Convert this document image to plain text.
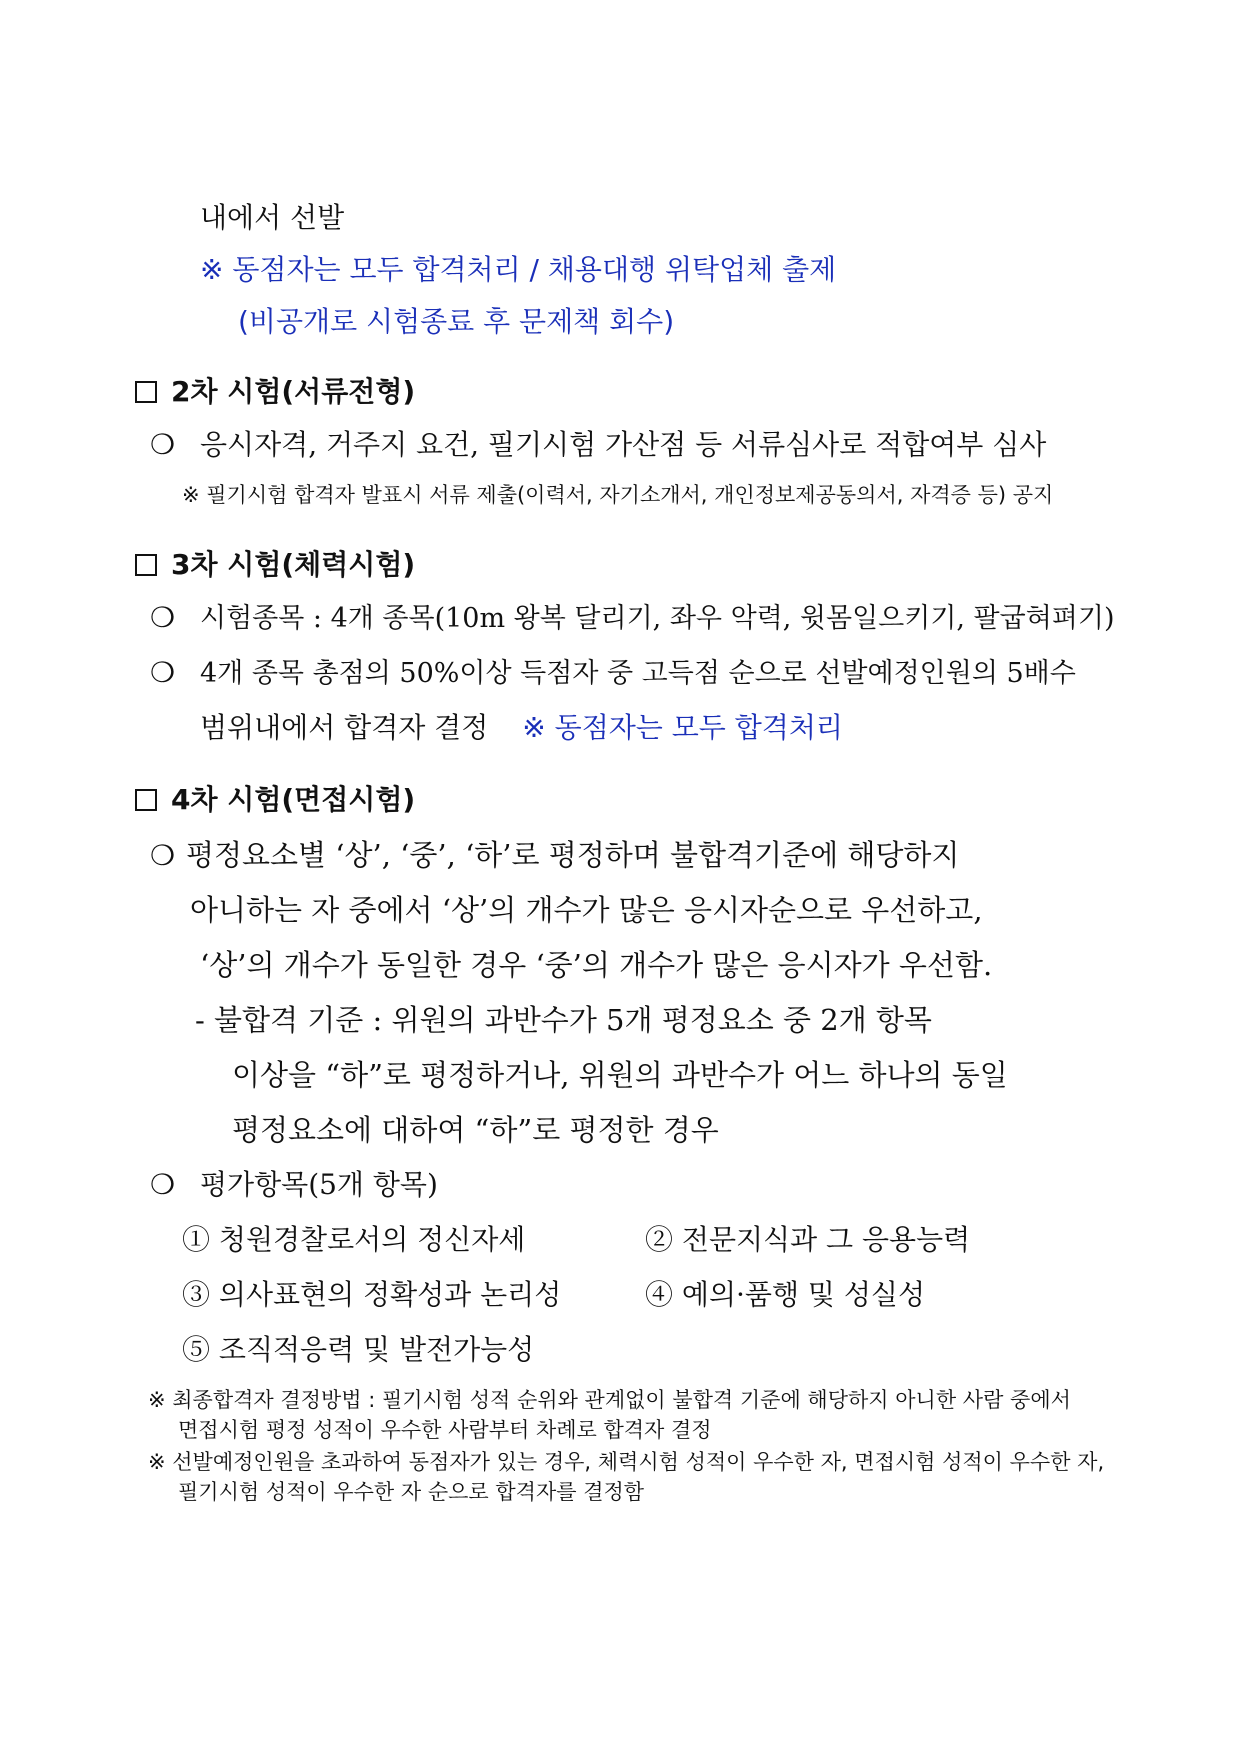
내에서 선발
※ 동점자는 모두 합격처리 / 채용대행 위탁업체 출제
(비공개로 시험종료 후 문제책 회수)
2차 시험(서류전형)
❍ 응시자격, 거주지 요건, 필기시험 가산점 등 서류심사로 적합여부 심사
※ 필기시험 합격자 발표시 서류 제출(이력서, 자기소개서, 개인정보제공동의서, 자격증 등) 공지
3차 시험(체력시험)
❍ 시험종목 : 4개 종목(10m 왕복 달리기, 좌우 악력, 윗몸일으키기, 팔굽혀펴기)
❍ 4개 종목 총점의 50%이상 득점자 중 고득점 순으로 선발예정인원의 5배수
범위내에서 합격자 결정 ※ 동점자는 모두 합격처리
4차 시험(면접시험)
❍ 평정요소별 ‘상’, ‘중’, ‘하’로 평정하며 불합격기준에 해당하지
아니하는 자 중에서 ‘상’의 개수가 많은 응시자순으로 우선하고,
‘상’의 개수가 동일한 경우 ‘중’의 개수가 많은 응시자가 우선함.
- 불합격 기준 : 위원의 과반수가 5개 평정요소 중 2개 항목
이상을 “하”로 평정하거나, 위원의 과반수가 어느 하나의 동일
평정요소에 대하여 “하”로 평정한 경우
❍ 평가항목(5개 항목)
① 청원경찰로서의 정신자세	② 전문지식과 그 응용능력
③ 의사표현의 정확성과 논리성	④ 예의·품행 및 성실성
⑤ 조직적응력 및 발전가능성
※ 최종합격자 결정방법 : 필기시험 성적 순위와 관계없이 불합격 기준에 해당하지 아니한 사람 중에서
면접시험 평정 성적이 우수한 사람부터 차례로 합격자 결정
※ 선발예정인원을 초과하여 동점자가 있는 경우, 체력시험 성적이 우수한 자, 면접시험 성적이 우수한 자,
필기시험 성적이 우수한 자 순으로 합격자를 결정함
